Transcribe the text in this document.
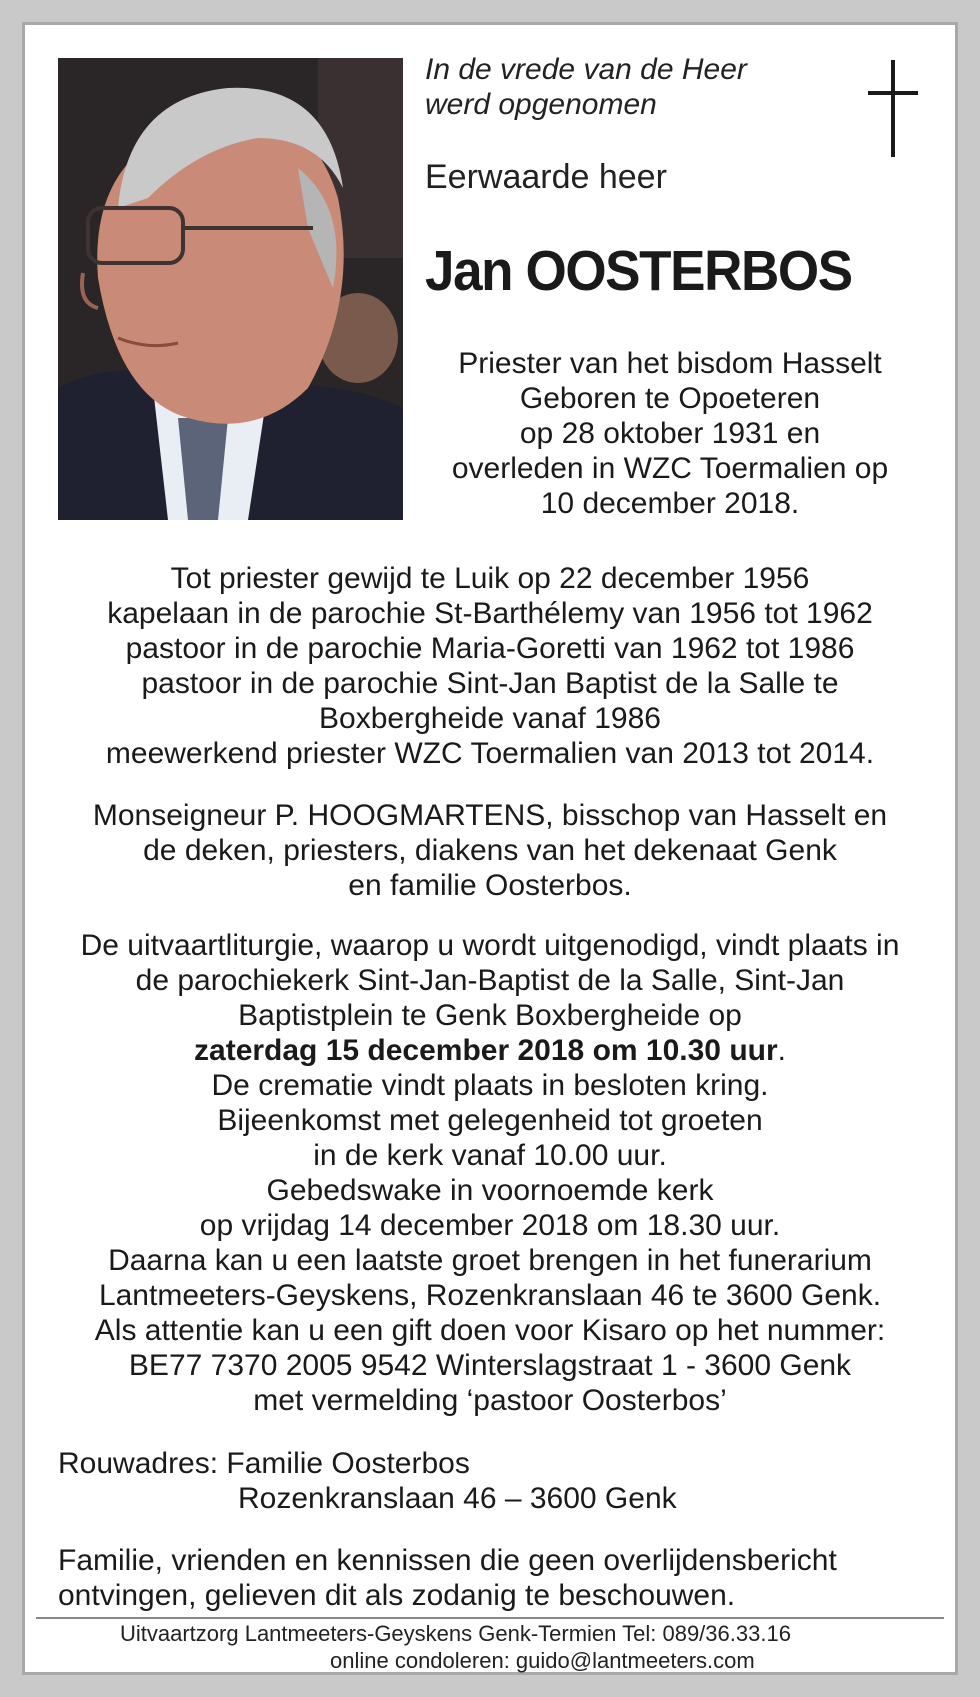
In de vrede van de Heer
werd opgenomen
Eerwaarde heer
Jan OOSTERBOS
Priester van het bisdom Hasselt
Geboren te Opoeteren
op 28 oktober 1931 en
overleden in WZC Toermalien op
10 december 2018.
Tot priester gewijd te Luik op 22 december 1956
kapelaan in de parochie St-Barthélemy van 1956 tot 1962
pastoor in de parochie Maria-Goretti van 1962 tot 1986
pastoor in de parochie Sint-Jan Baptist de la Salle te
Boxbergheide vanaf 1986
meewerkend priester WZC Toermalien van 2013 tot 2014.
Monseigneur P. HOOGMARTENS, bisschop van Hasselt en
de deken, priesters, diakens van het dekenaat Genk
en familie Oosterbos.
De uitvaartliturgie, waarop u wordt uitgenodigd, vindt plaats in
de parochiekerk Sint-Jan-Baptist de la Salle, Sint-Jan
Baptistplein te Genk Boxbergheide op
zaterdag 15 december 2018 om 10.30 uur.
De crematie vindt plaats in besloten kring.
Bijeenkomst met gelegenheid tot groeten
in de kerk vanaf 10.00 uur.
Gebedswake in voornoemde kerk
op vrijdag 14 december 2018 om 18.30 uur.
Daarna kan u een laatste groet brengen in het funerarium
Lantmeeters-Geyskens, Rozenkranslaan 46 te 3600 Genk.
Als attentie kan u een gift doen voor Kisaro op het nummer:
BE77 7370 2005 9542 Winterslagstraat 1 - 3600 Genk
met vermelding ‘pastoor Oosterbos’
Rouwadres: Familie Oosterbos
Rozenkranslaan 46 – 3600 Genk
Familie, vrienden en kennissen die geen overlijdensbericht
ontvingen, gelieven dit als zodanig te beschouwen.
Uitvaartzorg Lantmeeters-Geyskens Genk-Termien Tel: 089/36.33.16
online condoleren: guido@lantmeeters.com
